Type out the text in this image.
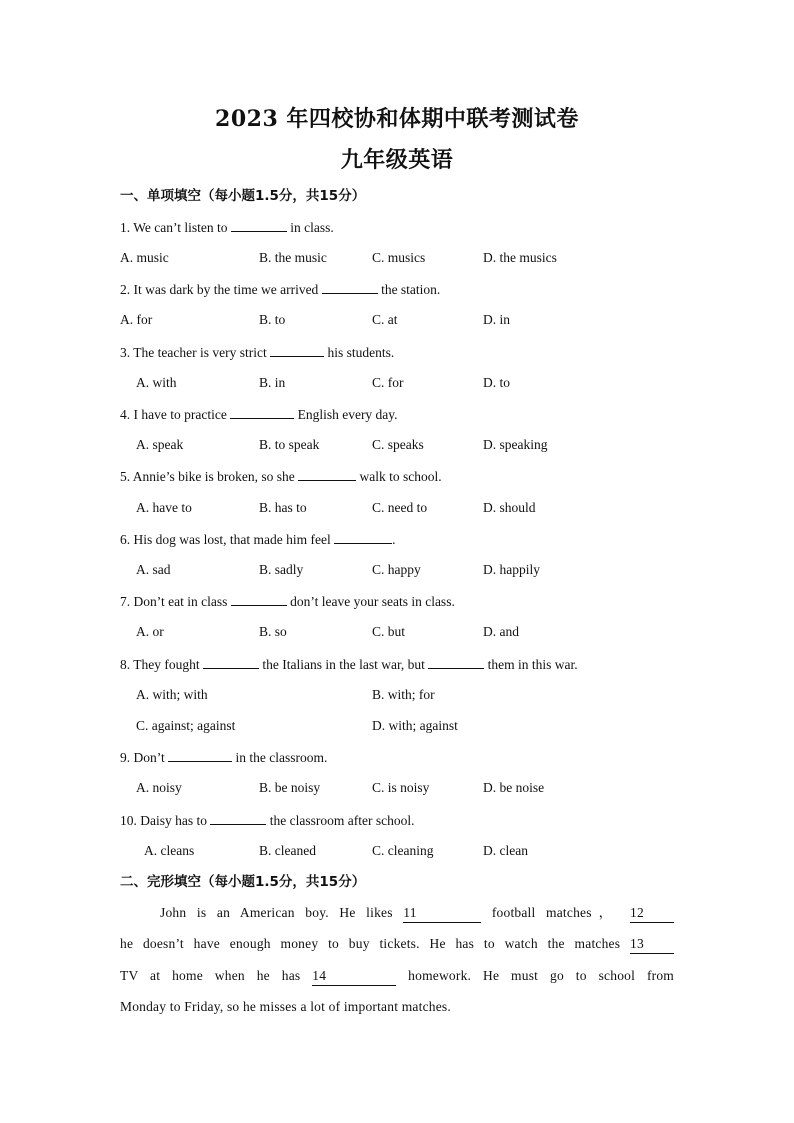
2023 年四校协和体期中联考测试卷
九年级英语
一、单项填空（每小题1.5分，共15分）
1. We can’t listen to	in class.
A. music	B. the music	C. musics	D. the musics
2. It was dark by the time we arrived	the station.
A. for	B. to	C. at	D. in
3. The teacher is very strict	his students.
A. with	B. in	C. for	D. to
4. I have to practice	English every day.
A. speak	B. to speak	C. speaks	D. speaking
5. Annie’s bike is broken, so she	walk to school.
A. have to	B. has to	C. need to	D. should
6. His dog was lost, that made him feel	.
A. sad	B. sadly	C. happy	D. happily
7. Don’t eat in class	don’t leave your seats in class.
A. or	B. so	C. but	D. and
8. They fought	the Italians in the last war, but	them in this war.
A. with; with	B. with; for
C. against; against	D. with; against
9. Don’t	in the classroom.
A. noisy	B. be noisy	C. is noisy	D. be noise
10. Daisy has to	the classroom after school.
A. cleans	B. cleaned	C. cleaning	D. clean
二、完形填空（每小题1.5分，共15分）
John is an American boy. He likes 11	football matches， 12
he doesn’t have enough money to buy tickets. He has to watch the matches 13
TV at home when he has 14	homework. He must go to school from
Monday to Friday, so he misses a lot of important matches.
